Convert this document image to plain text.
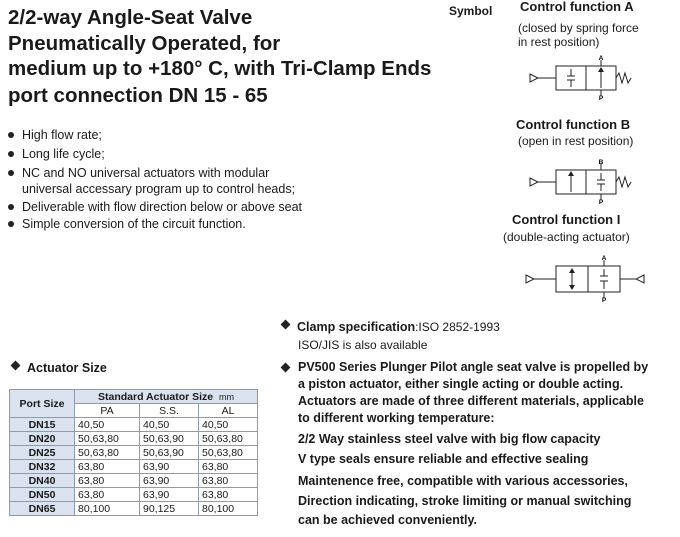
2/2-way Angle-Seat Valve
Pneumatically Operated, for
medium up to +180° C, with Tri-Clamp Ends
port connection DN 15 - 65
High flow rate;
Long life cycle;
NC and NO universal actuators with modular
universal accessary program up to control heads;
Deliverable with flow direction below or above seat
Simple conversion of the circuit function.
Symbol Control function A
(closed by spring force
in rest position)
A
P
Control function B
(open in rest position)
B
P
Control function I
(double-acting actuator)
A
P
Clamp specification:ISO 2852-1993
ISO/JIS is also available
PV500 Series Plunger Pilot angle seat valve is propelled by
a piston actuator, either single acting or double acting.
Actuators are made of three different materials, applicable
to different working temperature:
2/2 Way stainless steel valve with big flow capacity
V type seals ensure reliable and effective sealing
Maintenence free, compatible with various accessories,
Direction indicating, stroke limiting or manual switching
can be achieved conveniently.
Actuator Size
Port Size	Standard Actuator Size mm		
	PA	S.S.	AL
DN15	40,50	40,50	40,50
DN20	50,63,80	50,63,90	50,63,80
DN25	50,63,80	50,63,90	50,63,80
DN32	63,80	63,90	63,80
DN40	63,80	63,90	63,80
DN50	63,80	63,90	63,80
DN65	80,100	90,125	80,100
